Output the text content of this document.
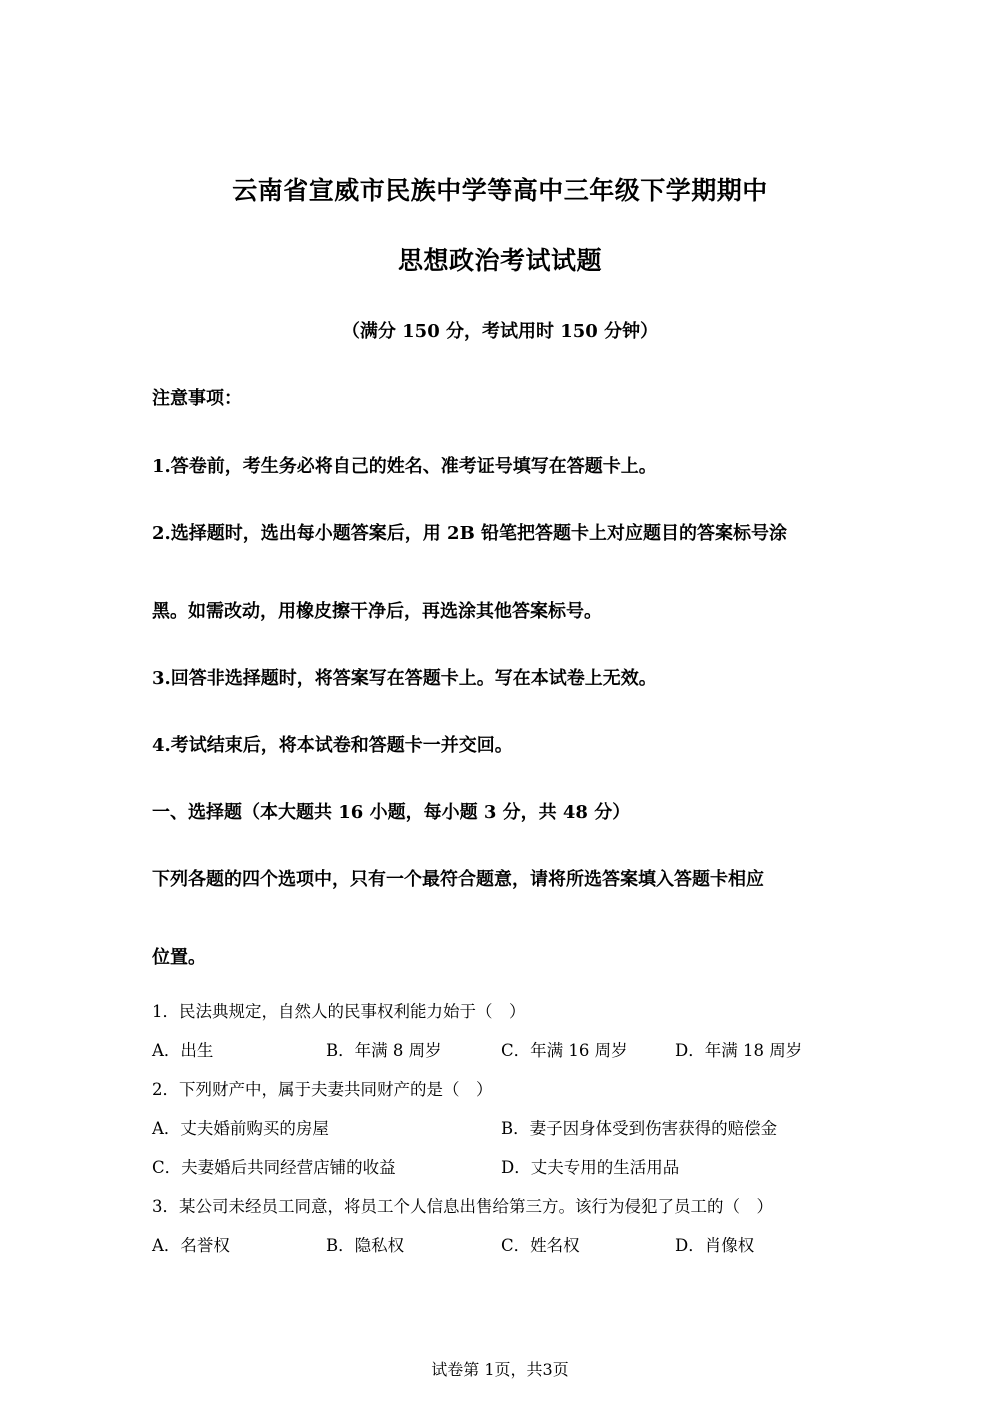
云南省宣威市民族中学等高中三年级下学期期中
思想政治考试试题
（满分 150 分，考试用时 150 分钟）
注意事项：
1.答卷前，考生务必将自己的姓名、准考证号填写在答题卡上。
2.选择题时，选出每小题答案后，用 2B 铅笔把答题卡上对应题目的答案标号涂
黑。如需改动，用橡皮擦干净后，再选涂其他答案标号。
3.回答非选择题时，将答案写在答题卡上。写在本试卷上无效。
4.考试结束后，将本试卷和答题卡一并交回。
一、选择题（本大题共 16 小题，每小题 3 分，共 48 分）
下列各题的四个选项中，只有一个最符合题意，请将所选答案填入答题卡相应
位置。
1．民法典规定，自然人的民事权利能力始于（　）
A．出生	B．年满 8 周岁	C．年满 16 周岁	D．年满 18 周岁
2．下列财产中，属于夫妻共同财产的是（　）
A．丈夫婚前购买的房屋	B．妻子因身体受到伤害获得的赔偿金
C．夫妻婚后共同经营店铺的收益	D．丈夫专用的生活用品
3．某公司未经员工同意，将员工个人信息出售给第三方。该行为侵犯了员工的（　）
A．名誉权	B．隐私权	C．姓名权	D．肖像权
试卷第 1页，共3页
